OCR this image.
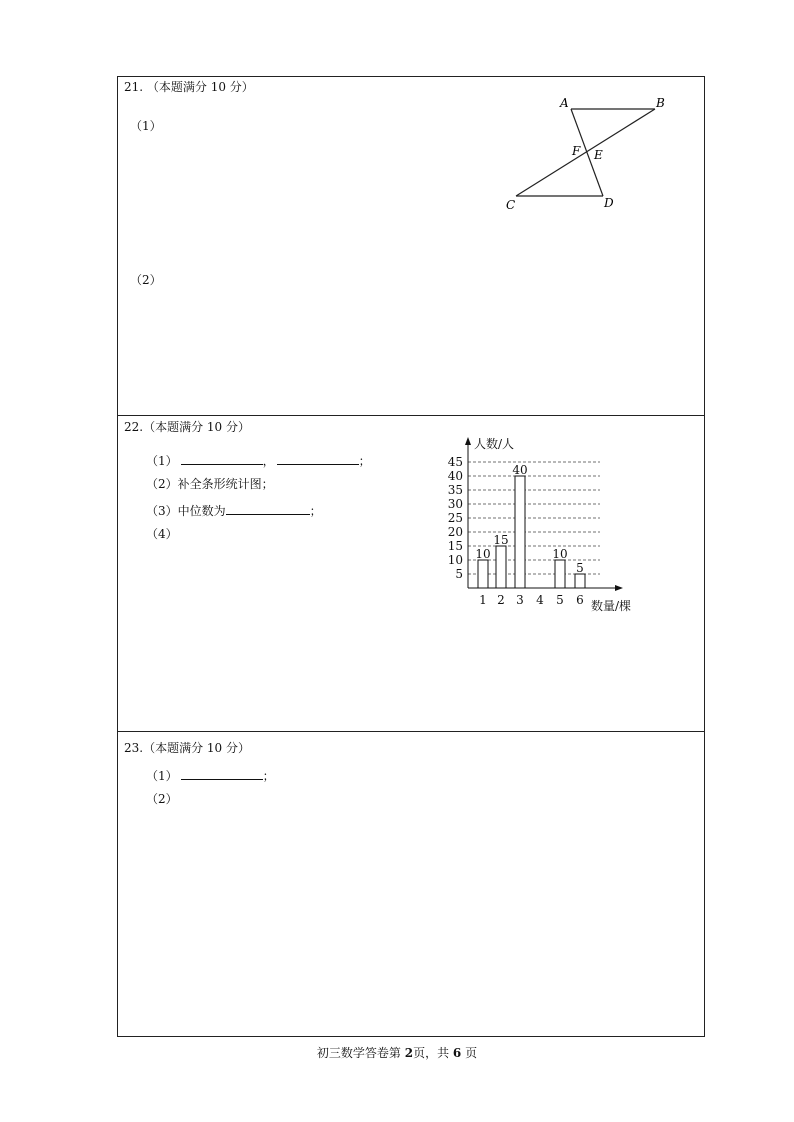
21. （本题满分 10 分）
（1）
（2）
A	B
F E
C	D
22.（本题满分 10 分）
（1）	，	；
（2）补全条形统计图；
（3）中位数为	；
（4）
5
10
15
20
25
30
35
40
45
人数/人
数量/棵
1
10
2
15
3
40
4 5
10
6
5
23.（本题满分 10 分）
（1）	；
（2）
初三数学答卷第 2页，共 6 页
